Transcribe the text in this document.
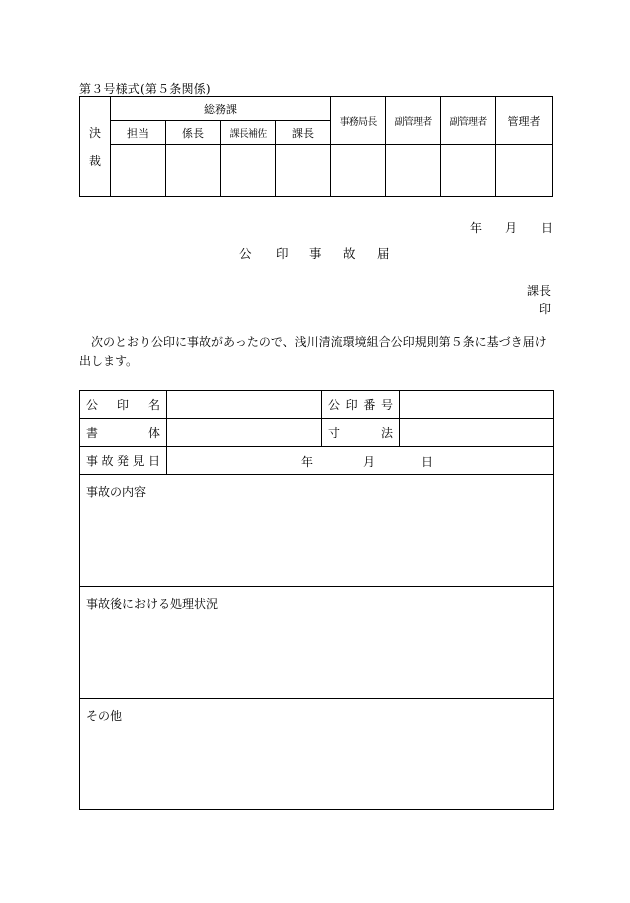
第３号様式(第５条関係)
決
裁	総務課				事務局長	副管理者	副管理者	管理者
	担当	係長	課長補佐	課長				

年 月 日
公 印 事 故 届
課長
印
次のとおり公印に事故があったので、浅川清流環境組合公印規則第５条に基づき届け出します。
公 印 名		公 印 番 号	

書 体		寸 法	

事 故 発 見 日	年 月 日		

事故の内容			
事故後における処理状況			
その他			
